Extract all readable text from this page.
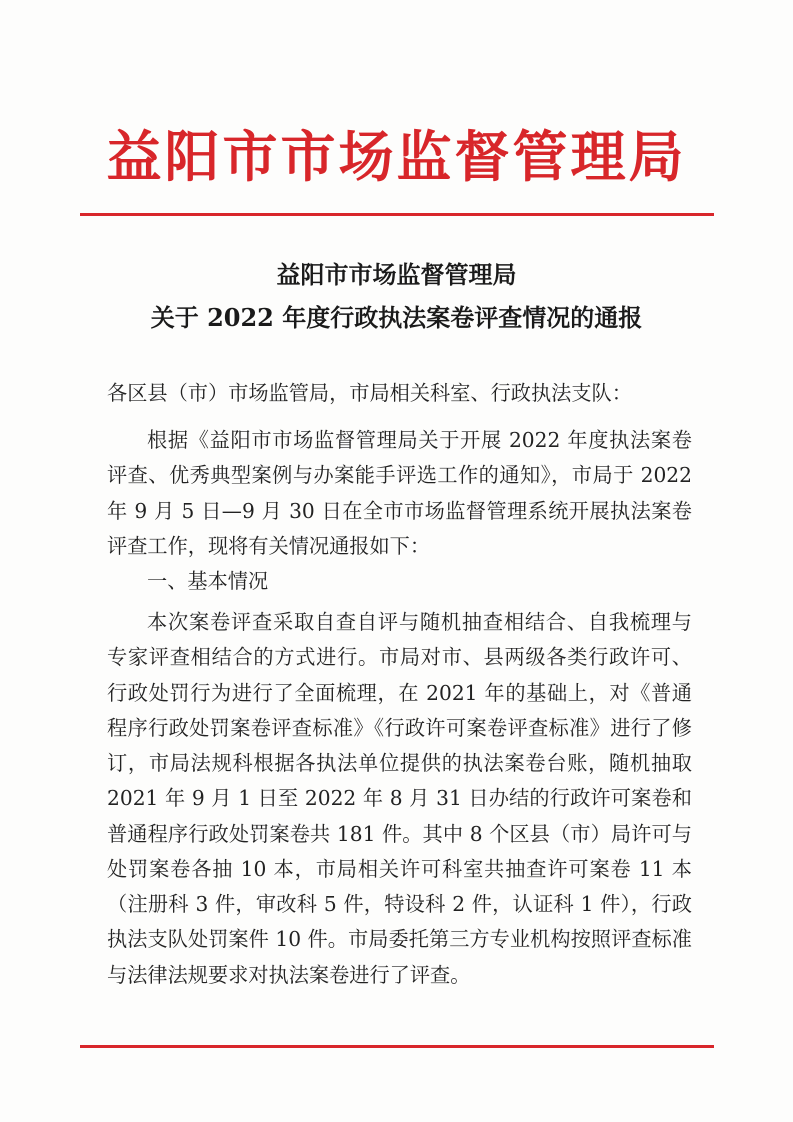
益阳市市场监督管理局
益阳市市场监督管理局
关于 2022 年度行政执法案卷评查情况的通报

各区县（市）市场监管局，市局相关科室、行政执法支队：

根据《益阳市市场监督管理局关于开展 2022 年度执法案卷评查、优秀典型案例与办案能手评选工作的通知》，市局于 2022 年 9 月 5 日—9 月 30 日在全市市场监督管理系统开展执法案卷评查工作，现将有关情况通报如下：

一、基本情况

本次案卷评查采取自查自评与随机抽查相结合、自我梳理与专家评查相结合的方式进行。市局对市、县两级各类行政许可、行政处罚行为进行了全面梳理，在 2021 年的基础上，对《普通程序行政处罚案卷评查标准》《行政许可案卷评查标准》进行了修订，市局法规科根据各执法单位提供的执法案卷台账，随机抽取 2021 年 9 月 1 日至 2022 年 8 月 31 日办结的行政许可案卷和普通程序行政处罚案卷共 181 件。其中 8 个区县（市）局许可与处罚案卷各抽 10 本，市局相关许可科室共抽查许可案卷 11 本（注册科 3 件，审改科 5 件，特设科 2 件，认证科 1 件），行政执法支队处罚案件 10 件。市局委托第三方专业机构按照评查标准与法律法规要求对执法案卷进行了评查。
